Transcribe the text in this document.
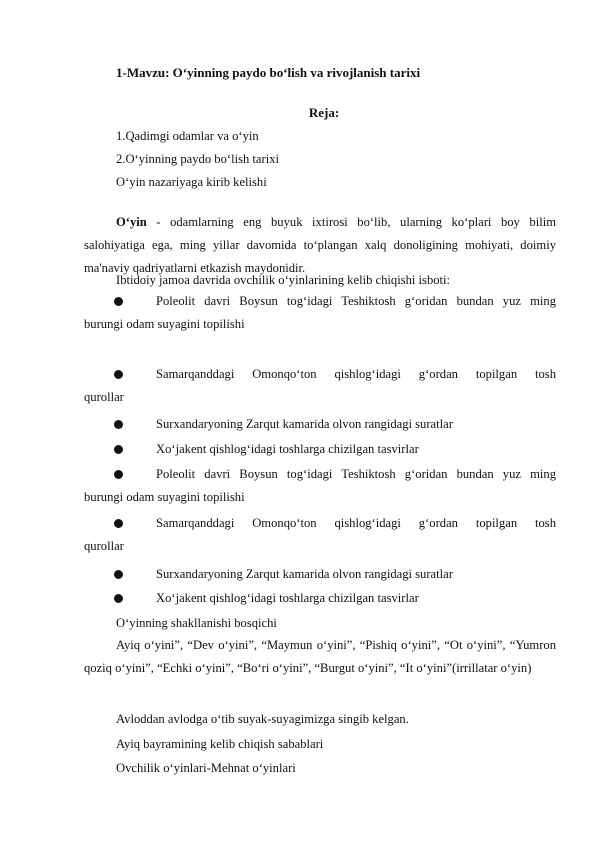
1-Mavzu: O‘yinning paydo bo‘lish va rivojlanish tarixi
Reja:
1.Qadimgi odamlar va o‘yin
2.O‘yinning paydo bo‘lish tarixi
O‘yin nazariyaga kirib kelishi
O‘yin - odamlarning eng buyuk ixtirosi bo‘lib, ularning ko‘plari boy bilim salohiyatiga ega, ming yillar davomida to‘plangan xalq donoligining mohiyati, doimiy ma'naviy qadriyatlarni etkazish maydonidir.
Ibtidoiy jamoa davrida ovchilik o‘yinlarining kelib chiqishi isboti:
Poleolit davri Boysun tog‘idagi Teshiktosh g‘oridan bundan yuz ming
burungi odam suyagini topilishi
Samarqanddagi Omonqo‘ton qishlog‘idagi g‘ordan topilgan tosh
qurollar
Surxandaryoning Zarqut kamarida olvon rangidagi suratlar
Xo‘jakent qishlog‘idagi toshlarga chizilgan tasvirlar
Poleolit davri Boysun tog‘idagi Teshiktosh g‘oridan bundan yuz ming
burungi odam suyagini topilishi
Samarqanddagi Omonqo‘ton qishlog‘idagi g‘ordan topilgan tosh
qurollar
Surxandaryoning Zarqut kamarida olvon rangidagi suratlar
Xo‘jakent qishlog‘idagi toshlarga chizilgan tasvirlar
O‘yinning shakllanishi bosqichi
Ayiq o‘yini”, “Dev o‘yini”, “Maymun o‘yini”, “Pishiq o‘yini”, “Ot o‘yini”, “Yumron qoziq o‘yini”, “Echki o‘yini”, “Bo‘ri o‘yini”, “Burgut o‘yini”, “It o‘yini”(irrillatar o‘yin)
Avloddan avlodga o‘tib suyak-suyagimizga singib kelgan.
Ayiq bayramining kelib chiqish sabablari
Ovchilik o‘yinlari-Mehnat o‘yinlari
